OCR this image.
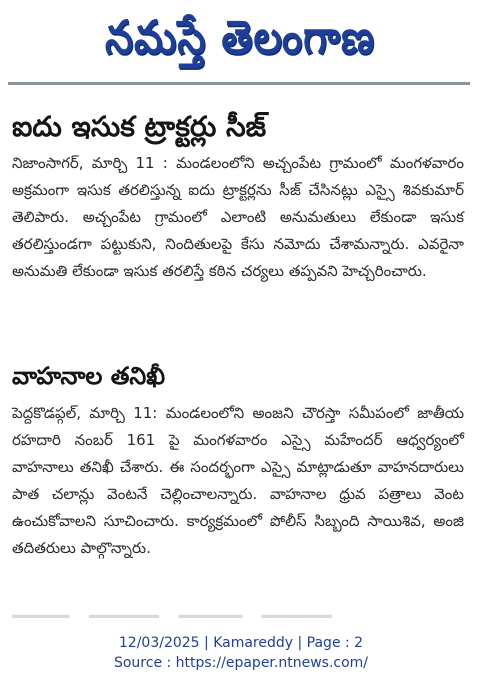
నమస్తే తెలంగాణ
ఐదు ఇసుక ట్రాక్టర్లు సీజ్
నిజాంసాగర్, మార్చి 11 : మండలంలోని అచ్చంపేట గ్రామంలో మంగళవారం అక్రమంగా ఇసుక తరలిస్తున్న ఐదు ట్రాక్టర్లను సీజ్ చేసినట్లు ఎస్సై శివకుమార్ తెలిపారు. అచ్చంపేట గ్రామంలో ఎలాంటి అనుమతులు లేకుండా ఇసుక తరలిస్తుండగా పట్టుకుని, నిందితులపై కేసు నమోదు చేశామన్నారు. ఎవరైనా అనుమతి లేకుండా ఇసుక తరలిస్తే కఠిన చర్యలు తప్పవని హెచ్చరించారు.
వాహనాల తనిఖీ
పెద్దకొడప్గల్, మార్చి 11: మండలంలోని అంజని చౌరస్తా సమీపంలో జాతీయ రహదారి నంబర్ 161 పై మంగళవారం ఎస్సై మహేందర్ ఆధ్వర్యంలో వాహనాలు తనిఖీ చేశారు. ఈ సందర్భంగా ఎస్సై మాట్లాడుతూ వాహనదారులు పాత చలాన్లు వెంటనే చెల్లించాలన్నారు. వాహనాల ధ్రువ పత్రాలు వెంట ఉంచుకోవాలని సూచించారు. కార్యక్రమంలో పోలీస్ సిబ్బంది సాయిశివ, అంజి తదితరులు పాల్గొన్నారు.
12/03/2025 | Kamareddy | Page : 2
Source : https://epaper.ntnews.com/
